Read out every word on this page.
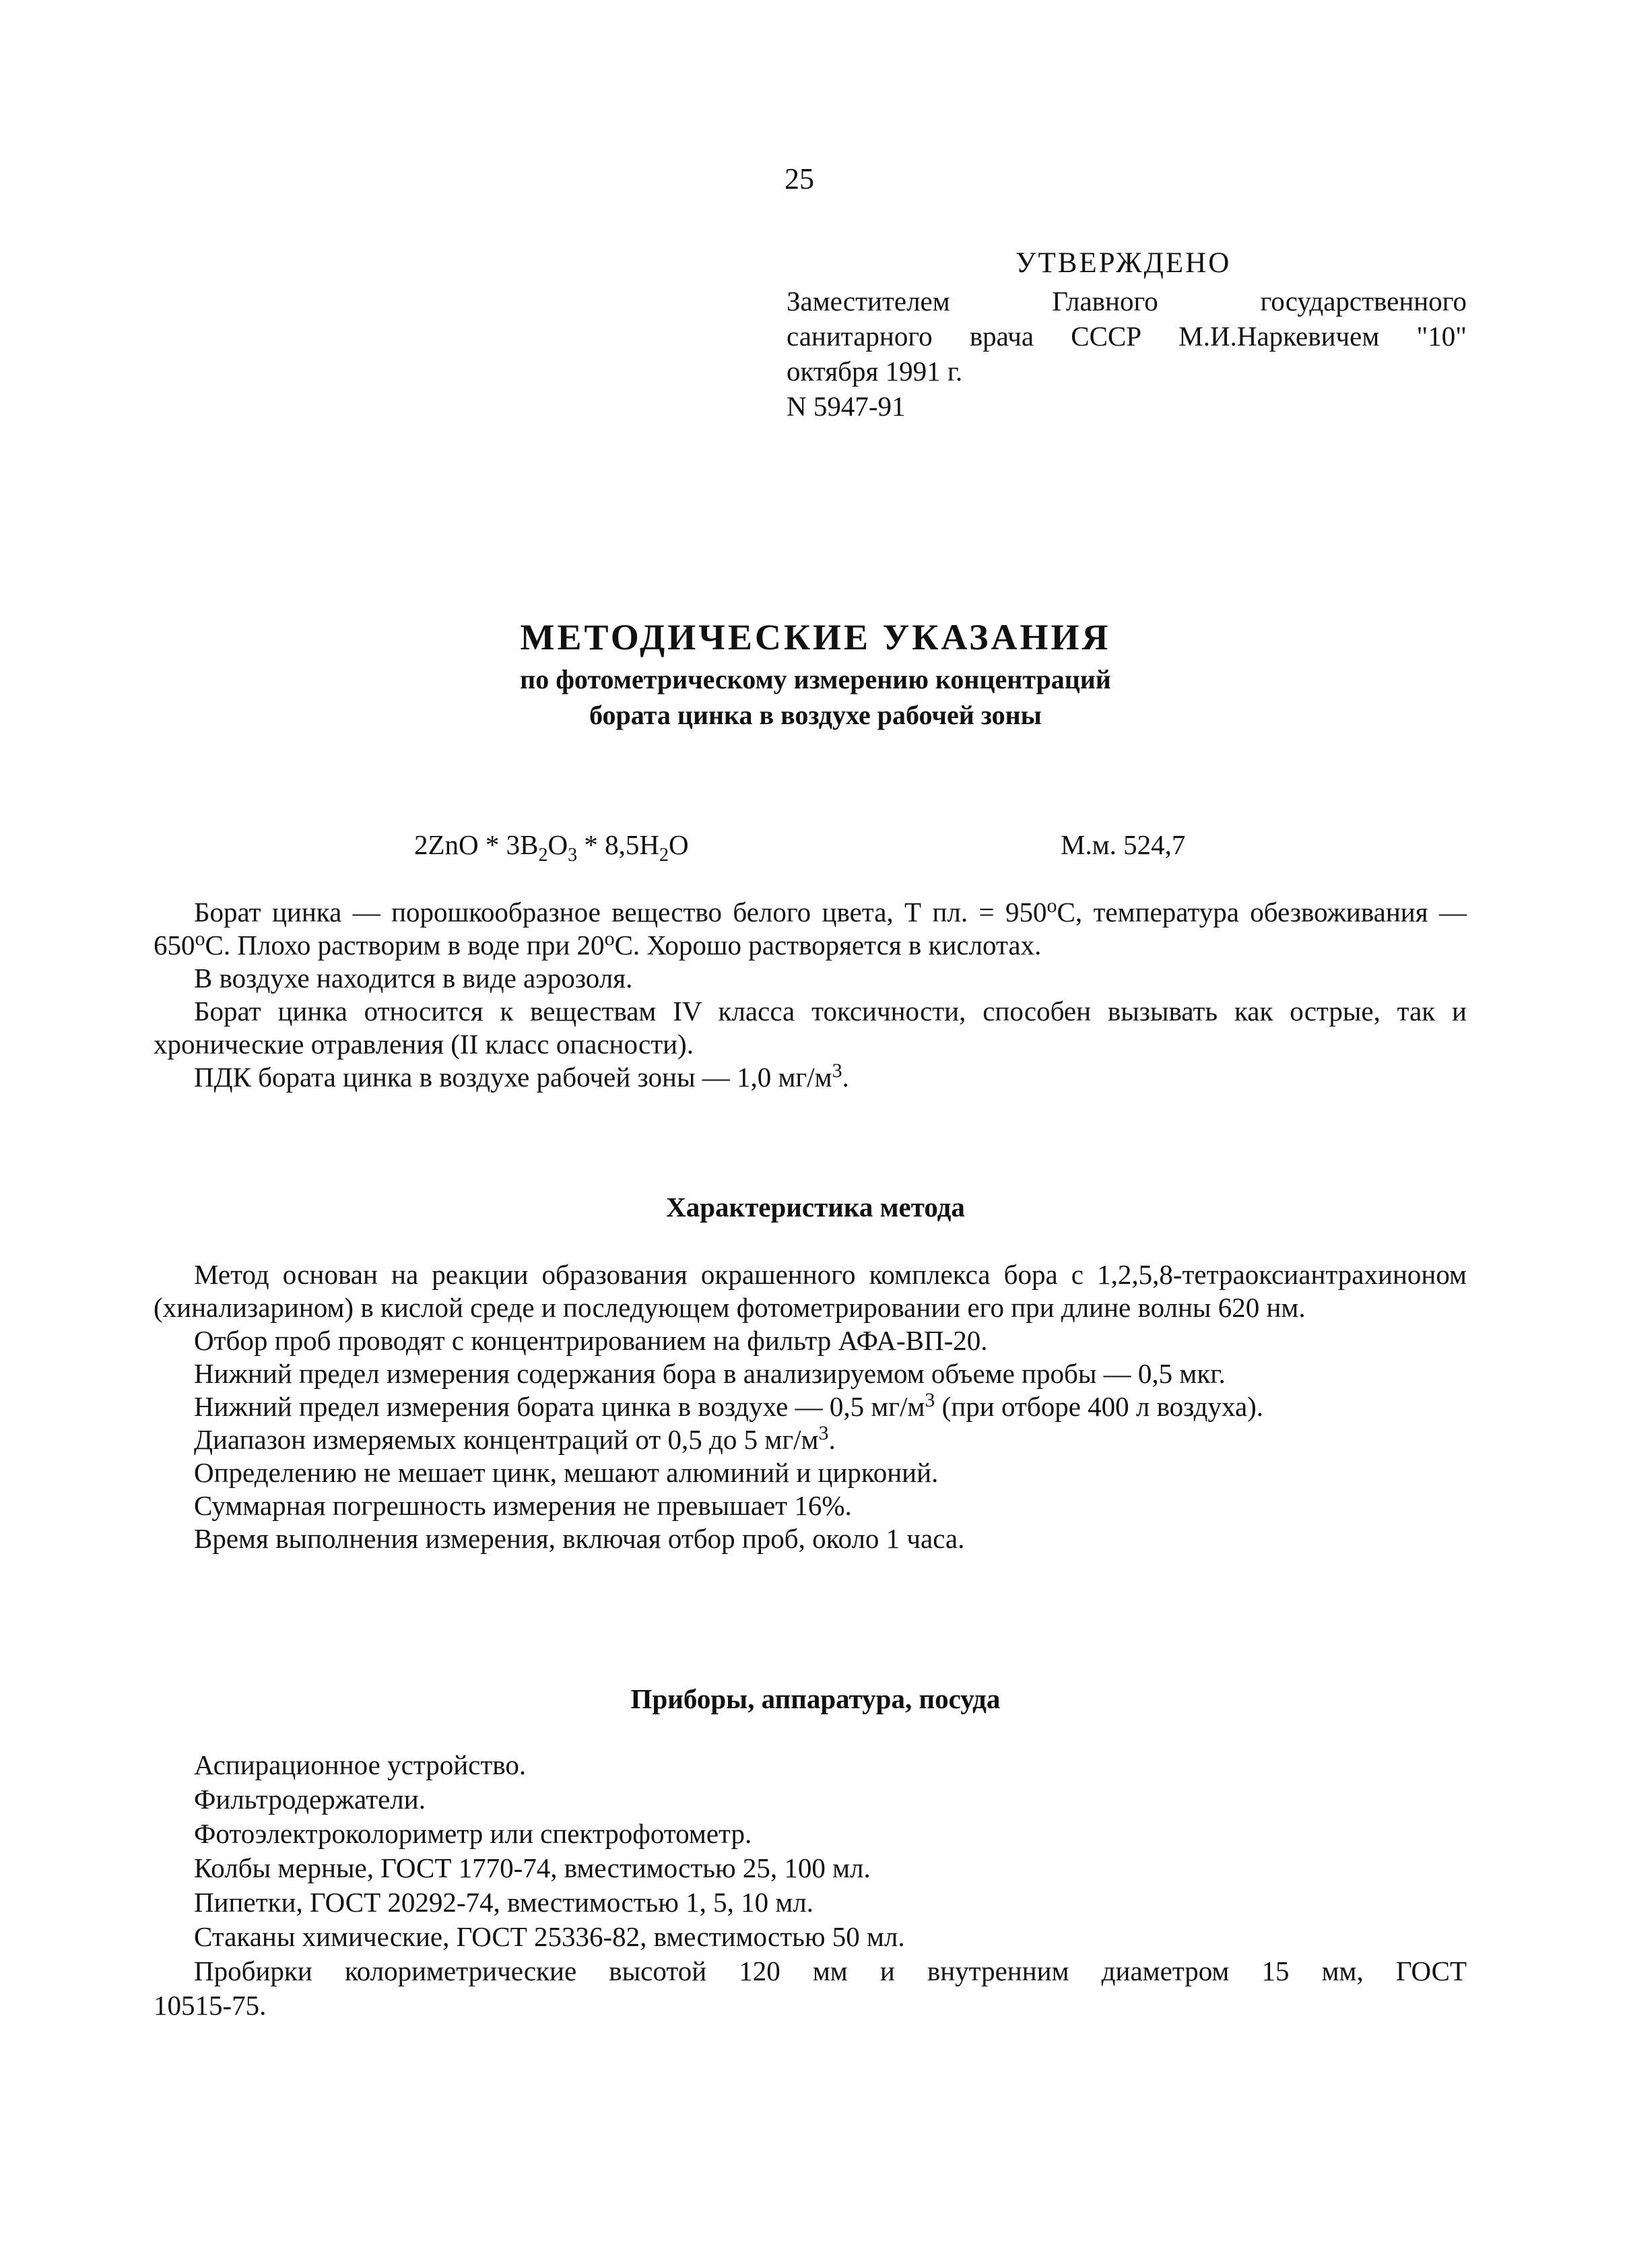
25
УТВЕРЖДЕНО
Заместителем Главного государственного
санитарного врача СССР М.И.Наркевичем "10"
октября 1991 г.
N 5947-91
МЕТОДИЧЕСКИЕ УКАЗАНИЯ
по фотометрическому измерению концентраций
бората цинка в воздухе рабочей зоны
$2ZnO * 3B_2O_3 * 8,5H_2O$	М.м. 524,7

Борат цинка — порошкообразное вещество белого цвета, Т пл. = $950^оС$, температура обезвоживания — $650^оС$. Плохо растворим в воде при $20^оС$. Хорошо растворяется в кислотах.

В воздухе находится в виде аэрозоля.

Борат цинка относится к веществам IV класса токсичности, способен вызывать как острые, так и хронические отравления (II класс опасности).

ПДК бората цинка в воздухе рабочей зоны — 1,0 $мг/м^3$.

Характеристика метода

Метод основан на реакции образования окрашенного комплекса бора с 1,2,5,8-тетраоксиантрахиноном (хинализарином) в кислой среде и последующем фотометрировании его при длине волны 620 нм.

Отбор проб проводят с концентрированием на фильтр АФА-ВП-20.

Нижний предел измерения содержания бора в анализируемом объеме пробы — 0,5 мкг.

Нижний предел измерения бората цинка в воздухе — 0,5 $мг/м^3$ (при отборе 400 л воздуха).

Диапазон измеряемых концентраций от 0,5 до 5 $мг/м^3$.

Определению не мешает цинк, мешают алюминий и цирконий.

Суммарная погрешность измерения не превышает 16%.

Время выполнения измерения, включая отбор проб, около 1 часа.

Приборы, аппаратура, посуда

Аспирационное устройство.

Фильтродержатели.

Фотоэлектроколориметр или спектрофотометр.

Колбы мерные, ГОСТ 1770-74, вместимостью 25, 100 мл.

Пипетки, ГОСТ 20292-74, вместимостью 1, 5, 10 мл.

Стаканы химические, ГОСТ 25336-82, вместимостью 50 мл.

Пробирки колориметрические высотой 120 мм и внутренним диаметром 15 мм, ГОСТ

10515-75.
